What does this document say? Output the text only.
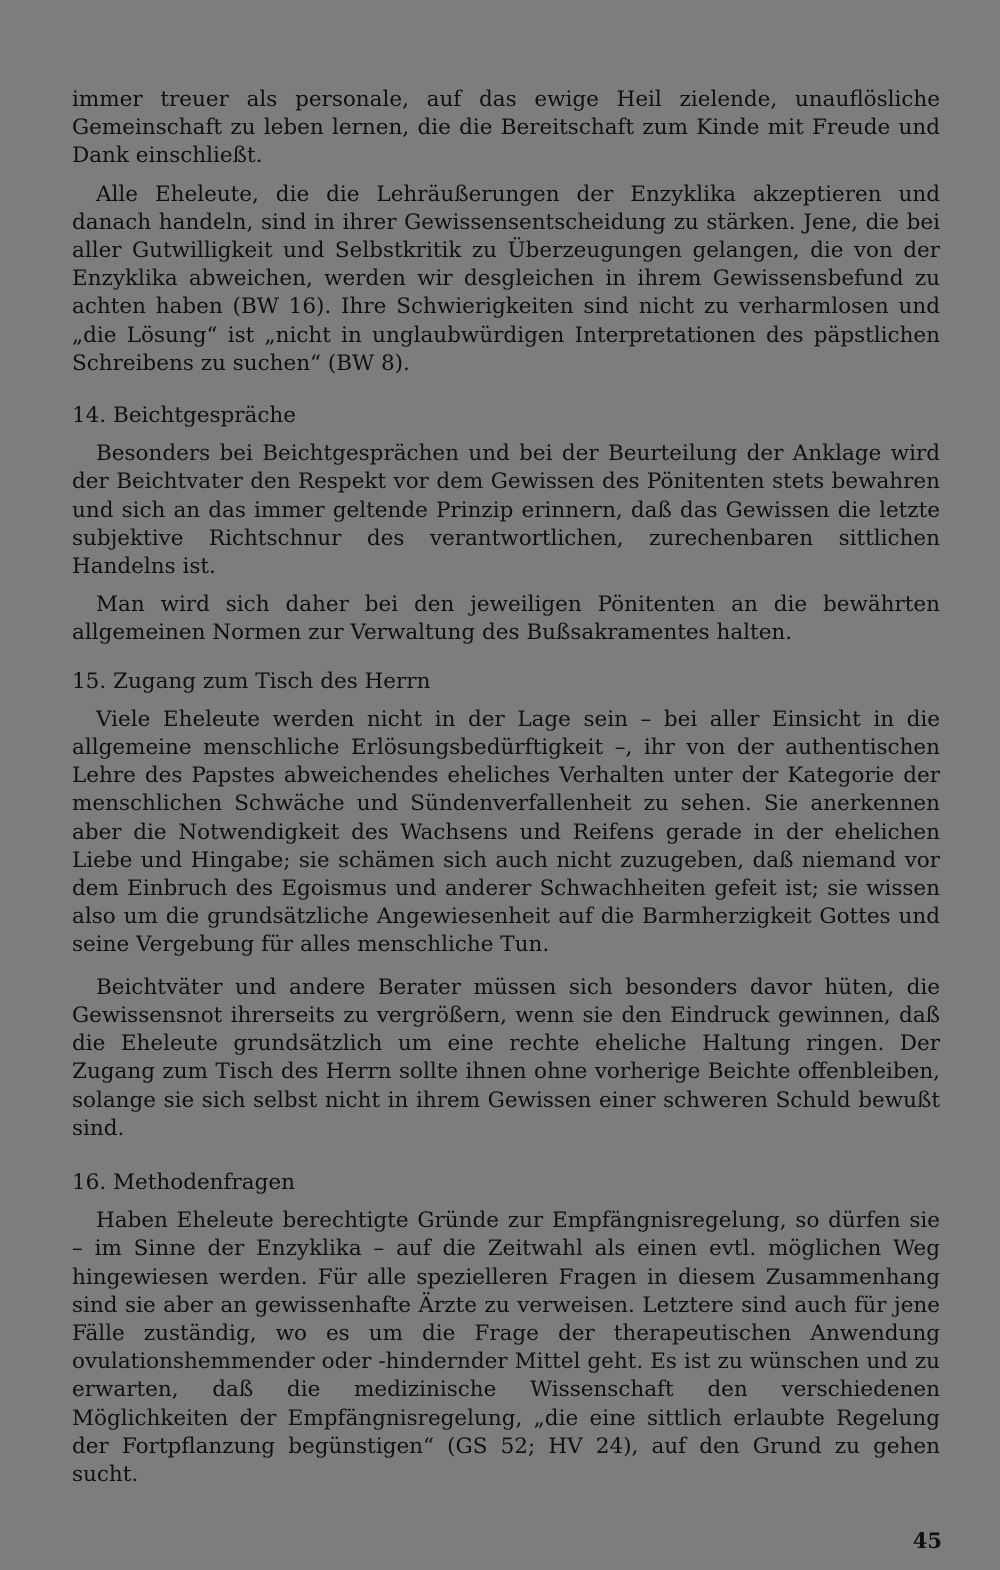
immer treuer als personale, auf das ewige Heil zielende, unauflösliche Gemeinschaft zu leben lernen, die die Bereitschaft zum Kinde mit Freude und Dank einschließt.

Alle Eheleute, die die Lehräußerungen der Enzyklika akzeptieren und danach handeln, sind in ihrer Gewissensentscheidung zu stärken. Jene, die bei aller Gutwilligkeit und Selbstkritik zu Überzeugungen gelangen, die von der Enzyklika abweichen, werden wir desgleichen in ihrem Gewissensbefund zu achten haben (BW 16). Ihre Schwierigkeiten sind nicht zu verharmlosen und „die Lösung“ ist „nicht in unglaubwürdigen Interpretationen des päpstlichen Schreibens zu suchen“ (BW 8).

14. Beichtgespräche

Besonders bei Beichtgesprächen und bei der Beurteilung der Anklage wird der Beichtvater den Respekt vor dem Gewissen des Pönitenten stets bewahren und sich an das immer geltende Prinzip erinnern, daß das Gewissen die letzte subjektive Richtschnur des verantwortlichen, zurechenbaren sittlichen Handelns ist.

Man wird sich daher bei den jeweiligen Pönitenten an die bewährten allgemeinen Normen zur Verwaltung des Bußsakramentes halten.

15. Zugang zum Tisch des Herrn

Viele Eheleute werden nicht in der Lage sein – bei aller Einsicht in die allgemeine menschliche Erlösungsbedürftigkeit –, ihr von der authentischen Lehre des Papstes abweichendes eheliches Verhalten unter der Kategorie der menschlichen Schwäche und Sündenverfallenheit zu sehen. Sie anerkennen aber die Notwendigkeit des Wachsens und Reifens gerade in der ehelichen Liebe und Hingabe; sie schämen sich auch nicht zuzugeben, daß niemand vor dem Einbruch des Egoismus und anderer Schwachheiten gefeit ist; sie wissen also um die grundsätzliche Angewiesenheit auf die Barmherzigkeit Gottes und seine Vergebung für alles menschliche Tun.

Beichtväter und andere Berater müssen sich besonders davor hüten, die Gewissensnot ihrerseits zu vergrößern, wenn sie den Eindruck gewinnen, daß die Eheleute grundsätzlich um eine rechte eheliche Haltung ringen. Der Zugang zum Tisch des Herrn sollte ihnen ohne vorherige Beichte offenbleiben, solange sie sich selbst nicht in ihrem Gewissen einer schweren Schuld bewußt sind.

16. Methodenfragen

Haben Eheleute berechtigte Gründe zur Empfängnisregelung, so dürfen sie – im Sinne der Enzyklika – auf die Zeitwahl als einen evtl. möglichen Weg hingewiesen werden. Für alle spezielleren Fragen in diesem Zusammenhang sind sie aber an gewissenhafte Ärzte zu verweisen. Letztere sind auch für jene Fälle zuständig, wo es um die Frage der therapeutischen Anwendung ovulationshemmender oder -hindernder Mittel geht. Es ist zu wünschen und zu erwarten, daß die medizinische Wissenschaft den verschiedenen Möglichkeiten der Empfängnisregelung, „die eine sittlich erlaubte Regelung der Fortpflanzung begünstigen“ (GS 52; HV 24), auf den Grund zu gehen sucht.

45
